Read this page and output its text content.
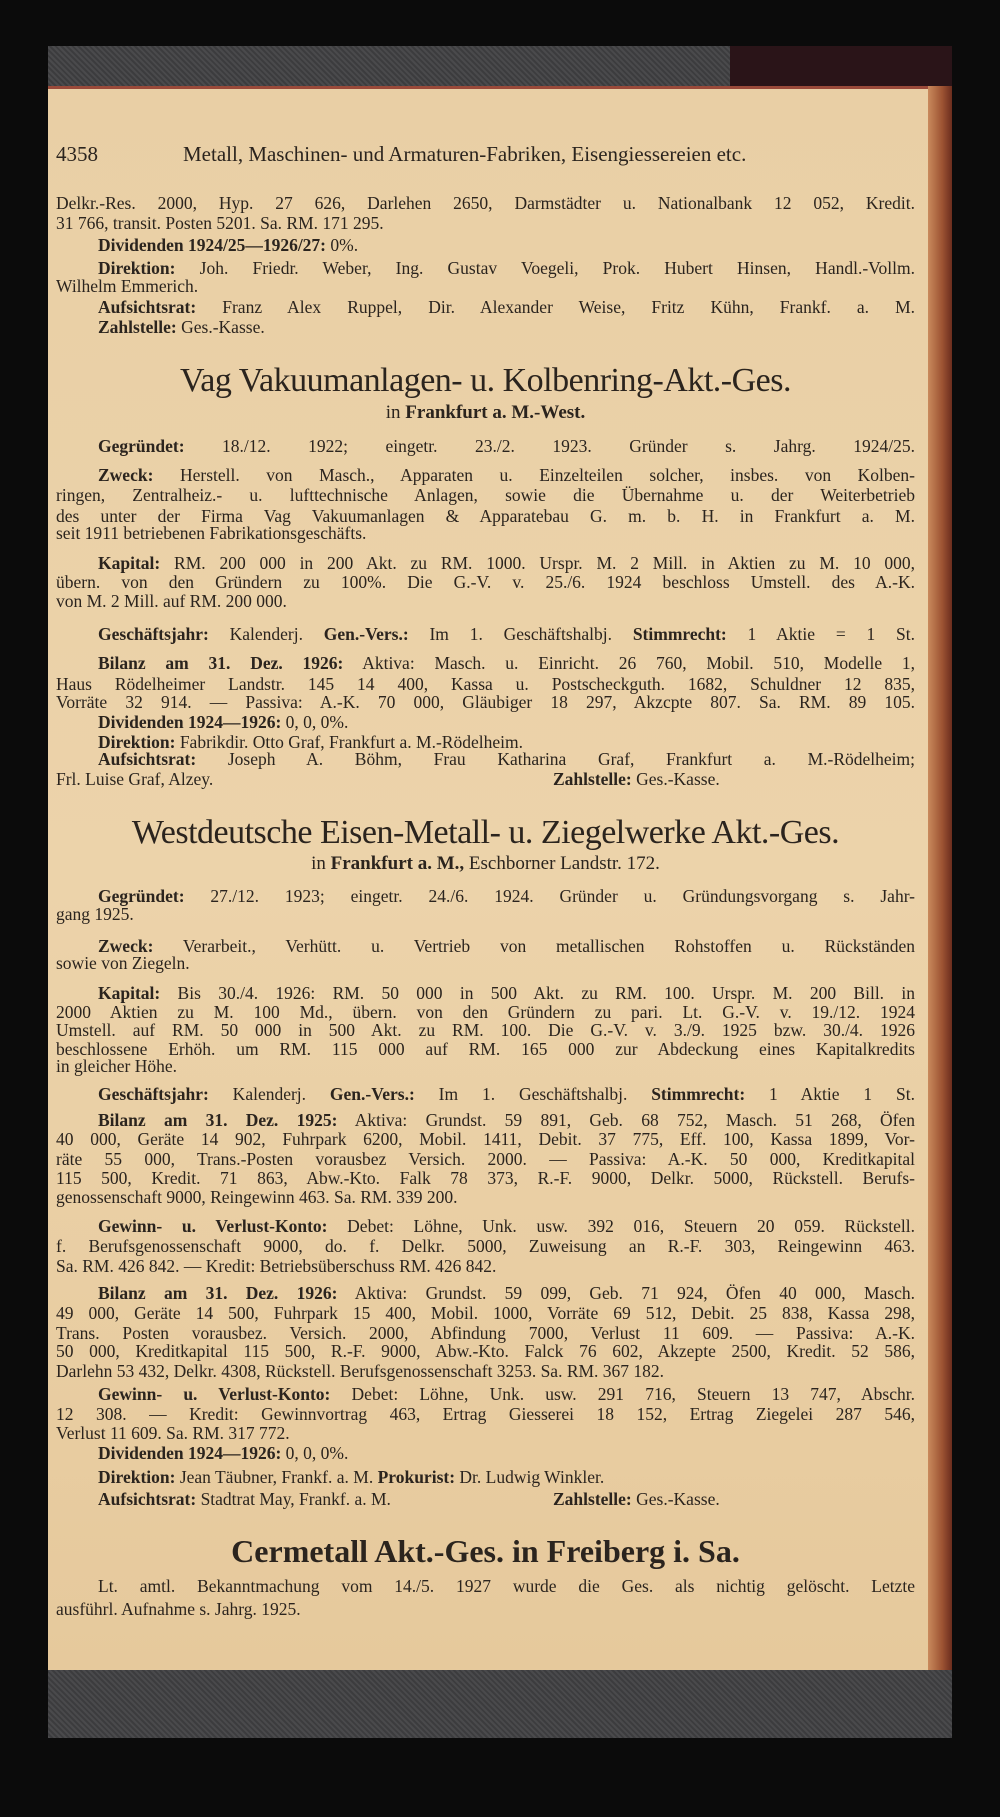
4358	Metall, Maschinen- und Armaturen-Fabriken, Eisengiessereien etc.
Delkr.-Res. 2000, Hyp. 27 626, Darlehen 2650, Darmstädter u. Nationalbank 12 052, Kredit.
31 766, transit. Posten 5201. Sa. RM. 171 295.
Dividenden 1924/25—1926/27: 0%.
Direktion: Joh. Friedr. Weber, Ing. Gustav Voegeli, Prok. Hubert Hinsen, Handl.-Vollm.
Wilhelm Emmerich.
Aufsichtsrat: Franz Alex Ruppel, Dir. Alexander Weise, Fritz Kühn, Frankf. a. M.
Zahlstelle: Ges.-Kasse.
Vag Vakuumanlagen- u. Kolbenring-Akt.-Ges.
in Frankfurt a. M.-West.
Gegründet: 18./12. 1922; eingetr. 23./2. 1923. Gründer s. Jahrg. 1924/25.
Zweck: Herstell. von Masch., Apparaten u. Einzelteilen solcher, insbes. von Kolben-
ringen, Zentralheiz.- u. lufttechnische Anlagen, sowie die Übernahme u. der Weiterbetrieb
des unter der Firma Vag Vakuumanlagen & Apparatebau G. m. b. H. in Frankfurt a. M.
seit 1911 betriebenen Fabrikationsgeschäfts.
Kapital: RM. 200 000 in 200 Akt. zu RM. 1000. Urspr. M. 2 Mill. in Aktien zu M. 10 000,
übern. von den Gründern zu 100%. Die G.-V. v. 25./6. 1924 beschloss Umstell. des A.-K.
von M. 2 Mill. auf RM. 200 000.
Geschäftsjahr: Kalenderj. Gen.-Vers.: Im 1. Geschäftshalbj. Stimmrecht: 1 Aktie = 1 St.
Bilanz am 31. Dez. 1926: Aktiva: Masch. u. Einricht. 26 760, Mobil. 510, Modelle 1,
Haus Rödelheimer Landstr. 145 14 400, Kassa u. Postscheckguth. 1682, Schuldner 12 835,
Vorräte 32 914. — Passiva: A.-K. 70 000, Gläubiger 18 297, Akzcpte 807. Sa. RM. 89 105.
Dividenden 1924—1926: 0, 0, 0%.
Direktion: Fabrikdir. Otto Graf, Frankfurt a. M.-Rödelheim.
Aufsichtsrat: Joseph A. Böhm, Frau Katharina Graf, Frankfurt a. M.-Rödelheim;
Frl. Luise Graf, Alzey.	Zahlstelle: Ges.-Kasse.
Westdeutsche Eisen-Metall- u. Ziegelwerke Akt.-Ges.
in Frankfurt a. M., Eschborner Landstr. 172.
Gegründet: 27./12. 1923; eingetr. 24./6. 1924. Gründer u. Gründungsvorgang s. Jahr-
gang 1925.
Zweck: Verarbeit., Verhütt. u. Vertrieb von metallischen Rohstoffen u. Rückständen
sowie von Ziegeln.
Kapital: Bis 30./4. 1926: RM. 50 000 in 500 Akt. zu RM. 100. Urspr. M. 200 Bill. in
2000 Aktien zu M. 100 Md., übern. von den Gründern zu pari. Lt. G.-V. v. 19./12. 1924
Umstell. auf RM. 50 000 in 500 Akt. zu RM. 100. Die G.-V. v. 3./9. 1925 bzw. 30./4. 1926
beschlossene Erhöh. um RM. 115 000 auf RM. 165 000 zur Abdeckung eines Kapitalkredits
in gleicher Höhe.
Geschäftsjahr: Kalenderj. Gen.-Vers.: Im 1. Geschäftshalbj. Stimmrecht: 1 Aktie 1 St.
Bilanz am 31. Dez. 1925: Aktiva: Grundst. 59 891, Geb. 68 752, Masch. 51 268, Öfen
40 000, Geräte 14 902, Fuhrpark 6200, Mobil. 1411, Debit. 37 775, Eff. 100, Kassa 1899, Vor-
räte 55 000, Trans.-Posten vorausbez Versich. 2000. — Passiva: A.-K. 50 000, Kreditkapital
115 500, Kredit. 71 863, Abw.-Kto. Falk 78 373, R.-F. 9000, Delkr. 5000, Rückstell. Berufs-
genossenschaft 9000, Reingewinn 463. Sa. RM. 339 200.
Gewinn- u. Verlust-Konto: Debet: Löhne, Unk. usw. 392 016, Steuern 20 059. Rückstell.
f. Berufsgenossenschaft 9000, do. f. Delkr. 5000, Zuweisung an R.-F. 303, Reingewinn 463.
Sa. RM. 426 842. — Kredit: Betriebsüberschuss RM. 426 842.
Bilanz am 31. Dez. 1926: Aktiva: Grundst. 59 099, Geb. 71 924, Öfen 40 000, Masch.
49 000, Geräte 14 500, Fuhrpark 15 400, Mobil. 1000, Vorräte 69 512, Debit. 25 838, Kassa 298,
Trans. Posten vorausbez. Versich. 2000, Abfindung 7000, Verlust 11 609. — Passiva: A.-K.
50 000, Kreditkapital 115 500, R.-F. 9000, Abw.-Kto. Falck 76 602, Akzepte 2500, Kredit. 52 586,
Darlehn 53 432, Delkr. 4308, Rückstell. Berufsgenossenschaft 3253. Sa. RM. 367 182.
Gewinn- u. Verlust-Konto: Debet: Löhne, Unk. usw. 291 716, Steuern 13 747, Abschr.
12 308. — Kredit: Gewinnvortrag 463, Ertrag Giesserei 18 152, Ertrag Ziegelei 287 546,
Verlust 11 609. Sa. RM. 317 772.
Dividenden 1924—1926: 0, 0, 0%.
Direktion: Jean Täubner, Frankf. a. M. Prokurist: Dr. Ludwig Winkler.
Aufsichtsrat: Stadtrat May, Frankf. a. M.	Zahlstelle: Ges.-Kasse.
Cermetall Akt.-Ges. in Freiberg i. Sa.
Lt. amtl. Bekanntmachung vom 14./5. 1927 wurde die Ges. als nichtig gelöscht. Letzte
ausführl. Aufnahme s. Jahrg. 1925.
